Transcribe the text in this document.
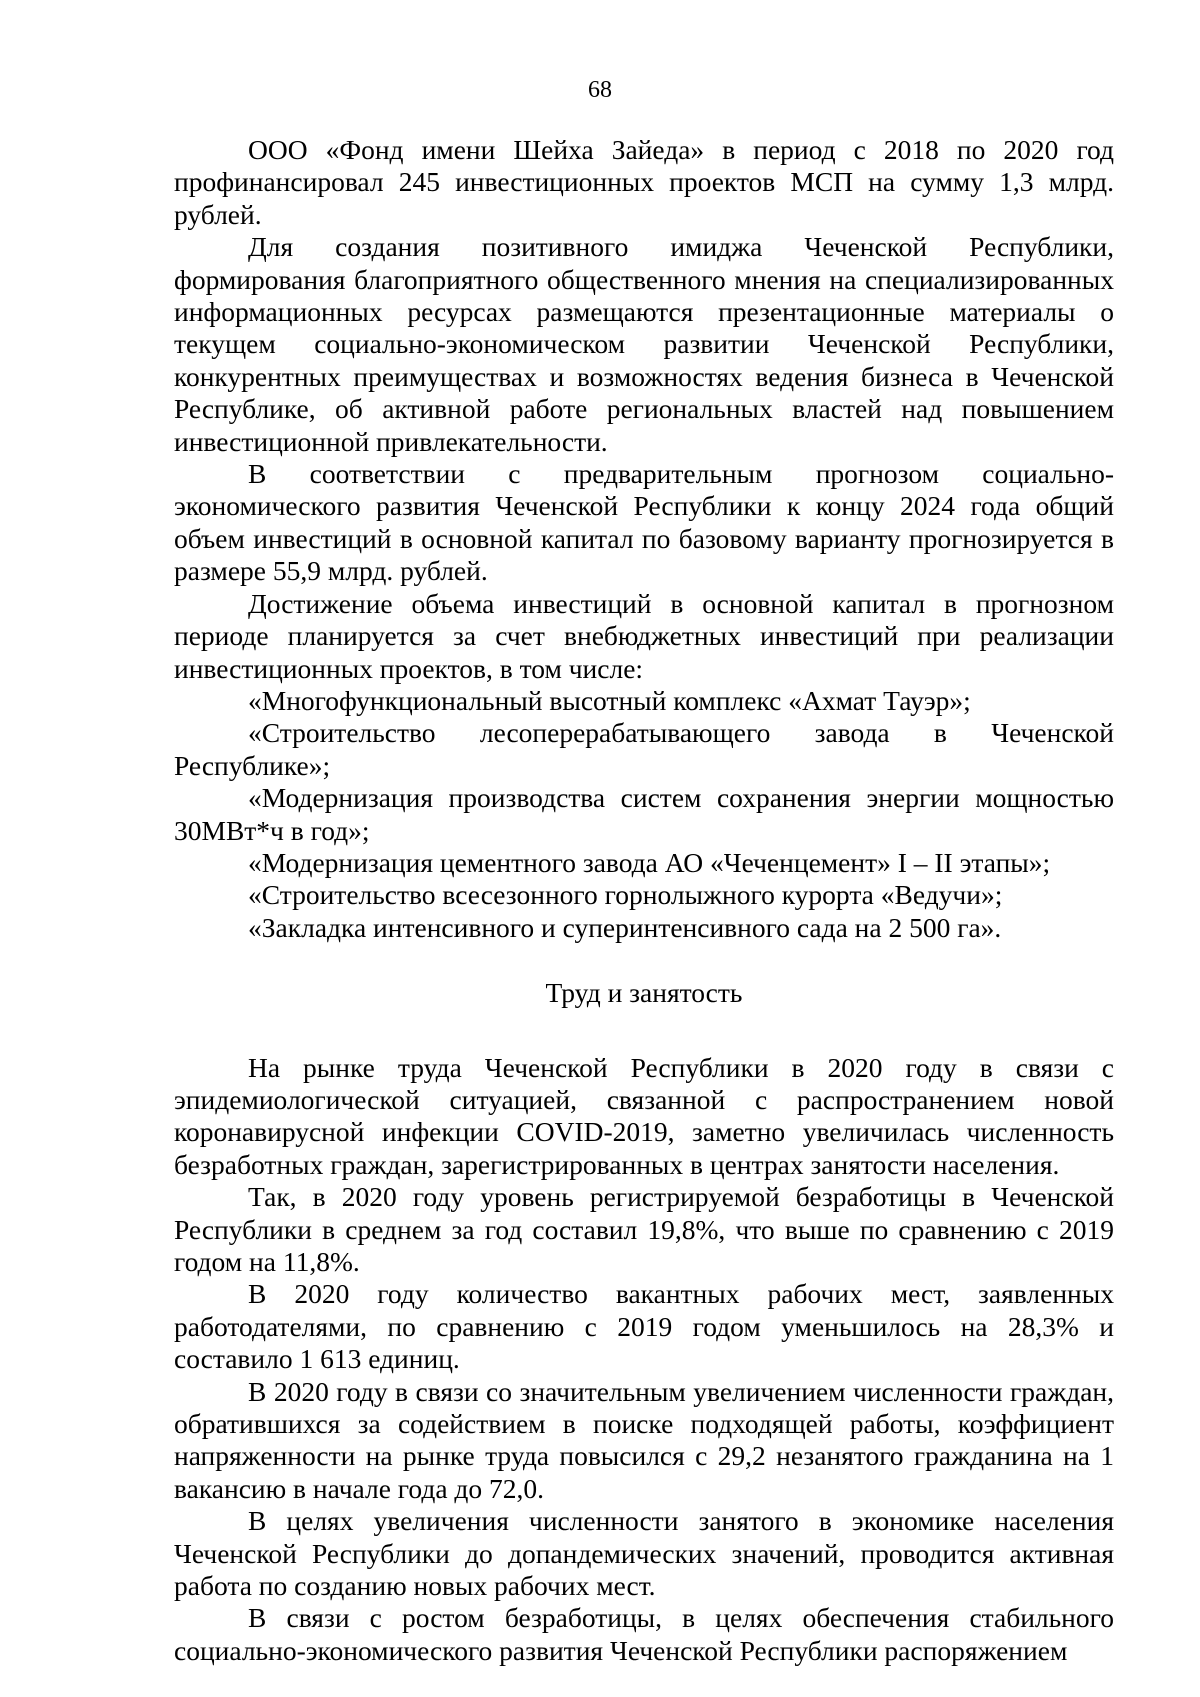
68

ООО «Фонд имени Шейха Зайеда» в период с 2018 по 2020 год профинансировал 245 инвестиционных проектов МСП на сумму 1,3 млрд. рублей.

Для создания позитивного имиджа Чеченской Республики, формирования благоприятного общественного мнения на специализированных информационных ресурсах размещаются презентационные материалы о текущем социально-экономическом развитии Чеченской Республики, конкурентных преимуществах и возможностях ведения бизнеса в Чеченской Республике, об активной работе региональных властей над повышением инвестиционной привлекательности.

В соответствии с предварительным прогнозом социально-экономического развития Чеченской Республики к концу 2024 года общий объем инвестиций в основной капитал по базовому варианту прогнозируется в размере 55,9 млрд. рублей.

Достижение объема инвестиций в основной капитал в прогнозном периоде планируется за счет внебюджетных инвестиций при реализации инвестиционных проектов, в том числе:

«Многофункциональный высотный комплекс «Ахмат Тауэр»;

«Строительство лесоперерабатывающего завода в Чеченской Республике»;

«Модернизация производства систем сохранения энергии мощностью 30МВт*ч в год»;

«Модернизация цементного завода АО «Чеченцемент» I – II этапы»;

«Строительство всесезонного горнолыжного курорта «Ведучи»;

«Закладка интенсивного и суперинтенсивного сада на 2 500 га».

Труд и занятость

На рынке труда Чеченской Республики в 2020 году в связи с эпидемиологической ситуацией, связанной с распространением новой коронавирусной инфекции COVID-2019, заметно увеличилась численность безработных граждан, зарегистрированных в центрах занятости населения.

Так, в 2020 году уровень регистрируемой безработицы в Чеченской Республики в среднем за год составил 19,8%, что выше по сравнению с 2019 годом на 11,8%.

В 2020 году количество вакантных рабочих мест, заявленных работодателями, по сравнению с 2019 годом уменьшилось на 28,3% и составило 1 613 единиц.

В 2020 году в связи со значительным увеличением численности граждан, обратившихся за содействием в поиске подходящей работы, коэффициент напряженности на рынке труда повысился с 29,2 незанятого гражданина на 1 вакансию в начале года до 72,0.

В целях увеличения численности занятого в экономике населения Чеченской Республики до допандемических значений, проводится активная работа по созданию новых рабочих мест.

В связи с ростом безработицы, в целях обеспечения стабильного социально-экономического развития Чеченской Республики распоряжением
